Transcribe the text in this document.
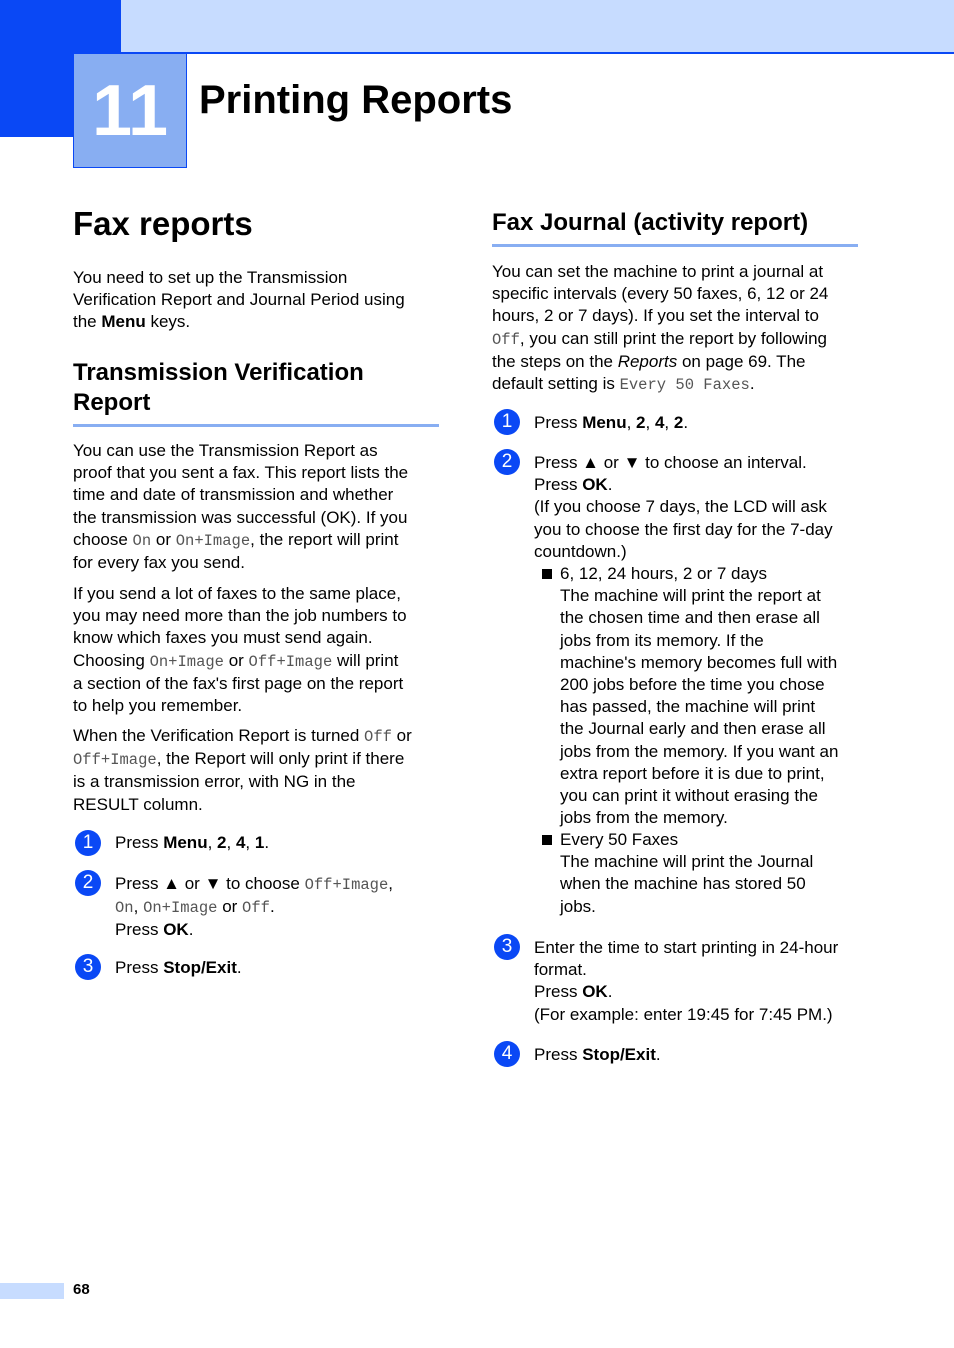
11 Printing Reports
Fax reports

You need to set up the Transmission
Verification Report and Journal Period using
the Menu keys.

Transmission Verification
Report

You can use the Transmission Report as
proof that you sent a fax. This report lists the
time and date of transmission and whether
the transmission was successful (OK). If you
choose On or On+Image, the report will print
for every fax you send.

If you send a lot of faxes to the same place,
you may need more than the job numbers to
know which faxes you must send again.
Choosing On+Image or Off+Image will print
a section of the fax's first page on the report
to help you remember.

When the Verification Report is turned Off or
Off+Image, the Report will only print if there
is a transmission error, with NG in the
RESULT column.

1	Press Menu, 2, 4, 1.
2	Press ▲ or ▼ to choose Off+Image,
On, On+Image or Off.
Press OK.
3	Press Stop/Exit.
Fax Journal (activity report)

You can set the machine to print a journal at
specific intervals (every 50 faxes, 6, 12 or 24
hours, 2 or 7 days). If you set the interval to
Off, you can still print the report by following
the steps on the Reports on page 69. The
default setting is Every 50 Faxes.

1	Press Menu, 2, 4, 2.
2	Press ▲ or ▼ to choose an interval.
Press OK.
(If you choose 7 days, the LCD will ask
you to choose the first day for the 7-day
countdown.)
6, 12, 24 hours, 2 or 7 days
The machine will print the report at
the chosen time and then erase all
jobs from its memory. If the
machine's memory becomes full with
200 jobs before the time you chose
has passed, the machine will print
the Journal early and then erase all
jobs from the memory. If you want an
extra report before it is due to print,
you can print it without erasing the
jobs from the memory.
Every 50 Faxes
The machine will print the Journal
when the machine has stored 50
jobs.
3	Enter the time to start printing in 24-hour
format.
Press OK.
(For example: enter 19:45 for 7:45 PM.)
4	Press Stop/Exit.
68
